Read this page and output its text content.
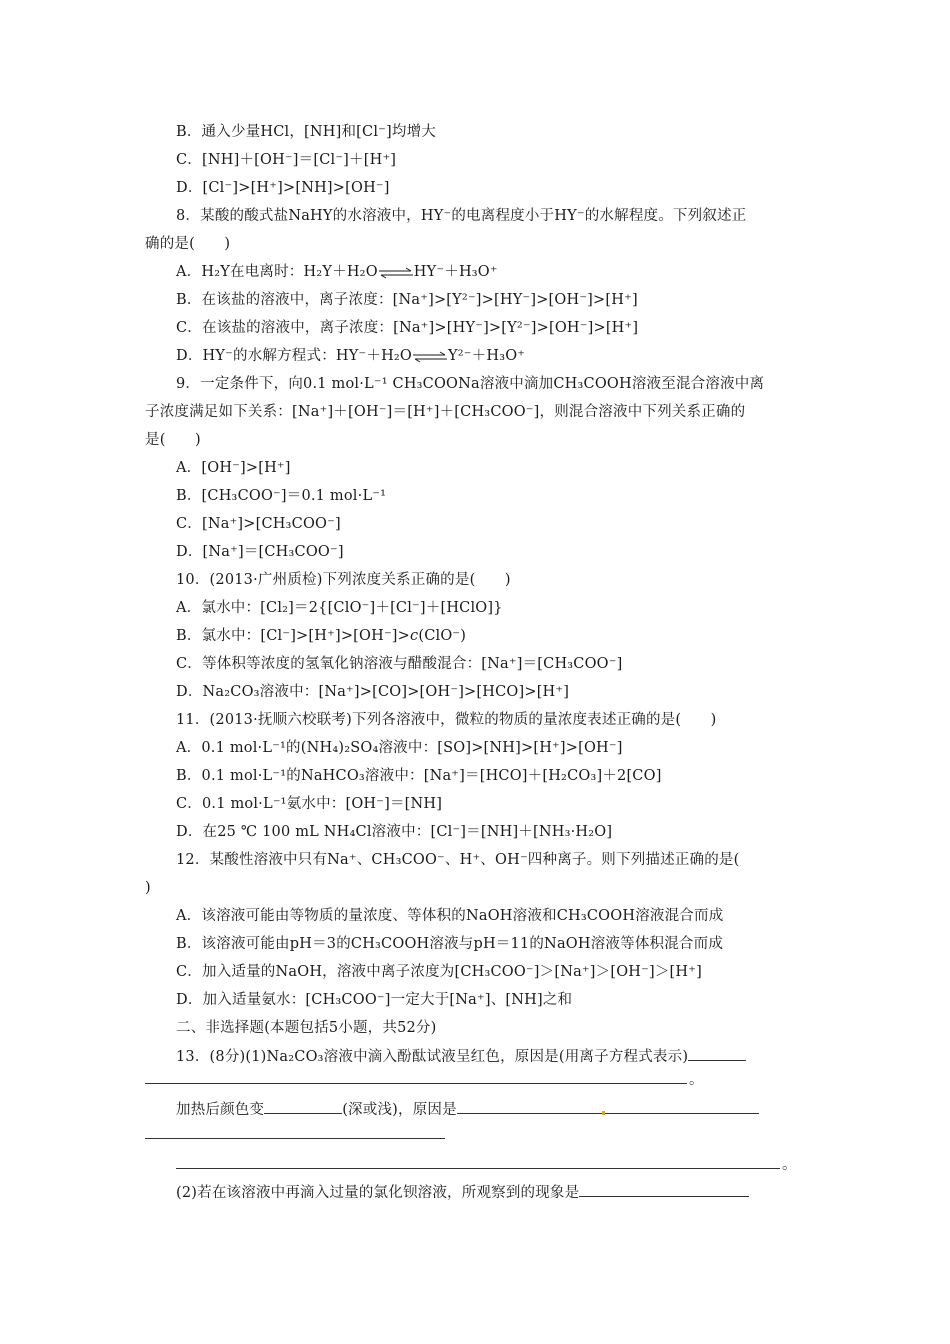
B．通入少量HCl，[NH]和[Cl⁻]均增大
C．[NH]＋[OH⁻]＝[Cl⁻]＋[H⁺]
D．[Cl⁻]>[H⁺]>[NH]>[OH⁻]
8．某酸的酸式盐NaHY的水溶液中，HY⁻的电离程度小于HY⁻的水解程度。下列叙述正
确的是(　　)
A．H₂Y在电离时：H₂Y＋H₂O⇌HY⁻＋H₃O⁺
B．在该盐的溶液中，离子浓度：[Na⁺]>[Y²⁻]>[HY⁻]>[OH⁻]>[H⁺]
C．在该盐的溶液中，离子浓度：[Na⁺]>[HY⁻]>[Y²⁻]>[OH⁻]>[H⁺]
D．HY⁻的水解方程式：HY⁻＋H₂O⇌Y²⁻＋H₃O⁺
9．一定条件下，向0.1 mol·L⁻¹ CH₃COONa溶液中滴加CH₃COOH溶液至混合溶液中离
子浓度满足如下关系：[Na⁺]＋[OH⁻]＝[H⁺]＋[CH₃COO⁻]，则混合溶液中下列关系正确的
是(　　)
A．[OH⁻]>[H⁺]
B．[CH₃COO⁻]＝0.1 mol·L⁻¹
C．[Na⁺]>[CH₃COO⁻]
D．[Na⁺]＝[CH₃COO⁻]
10．(2013·广州质检)下列浓度关系正确的是(　　)
A．氯水中：[Cl₂]＝2{[ClO⁻]＋[Cl⁻]＋[HClO]}
B．氯水中：[Cl⁻]>[H⁺]>[OH⁻]>c(ClO⁻)
C．等体积等浓度的氢氧化钠溶液与醋酸混合：[Na⁺]＝[CH₃COO⁻]
D．Na₂CO₃溶液中：[Na⁺]>[CO]>[OH⁻]>[HCO]>[H⁺]
11．(2013·抚顺六校联考)下列各溶液中，微粒的物质的量浓度表述正确的是(　　)
A．0.1 mol·L⁻¹的(NH₄)₂SO₄溶液中：[SO]>[NH]>[H⁺]>[OH⁻]
B．0.1 mol·L⁻¹的NaHCO₃溶液中：[Na⁺]＝[HCO]＋[H₂CO₃]＋2[CO]
C．0.1 mol·L⁻¹氨水中：[OH⁻]＝[NH]
D．在25 ℃ 100 mL NH₄Cl溶液中：[Cl⁻]＝[NH]＋[NH₃·H₂O]
12．某酸性溶液中只有Na⁺、CH₃COO⁻、H⁺、OH⁻四种离子。则下列描述正确的是(
)
A．该溶液可能由等物质的量浓度、等体积的NaOH溶液和CH₃COOH溶液混合而成
B．该溶液可能由pH＝3的CH₃COOH溶液与pH＝11的NaOH溶液等体积混合而成
C．加入适量的NaOH，溶液中离子浓度为[CH₃COO⁻]＞[Na⁺]＞[OH⁻]＞[H⁺]
D．加入适量氨水：[CH₃COO⁻]一定大于[Na⁺]、[NH]之和
二、非选择题(本题包括5小题，共52分)
13．(8分)(1)Na₂CO₃溶液中滴入酚酞试液呈红色，原因是(用离子方程式表示)
。
加热后颜色变	(深或浅)，原因是
。
(2)若在该溶液中再滴入过量的氯化钡溶液，所观察到的现象是
